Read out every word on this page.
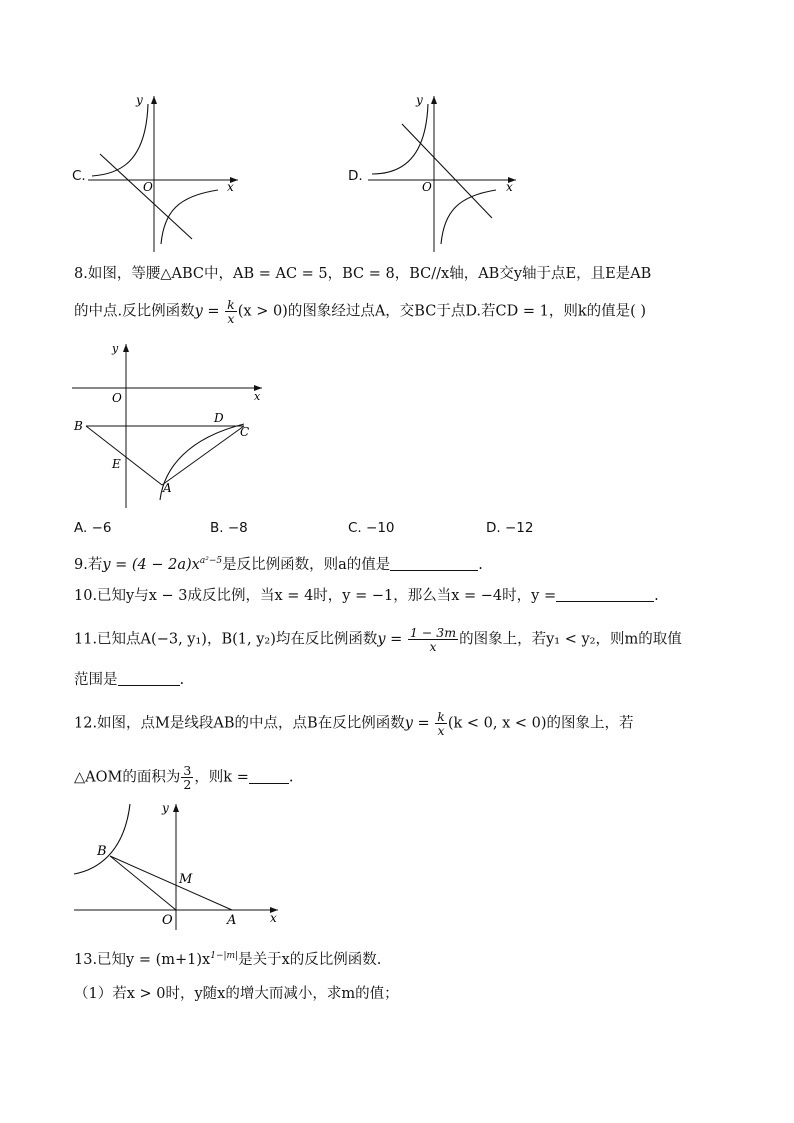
C.
y
x
O
D.
y
x
O
8.如图，等腰△ABC中，AB = AC = 5，BC = 8，BC//x轴，AB交y轴于点E，且E是AB
的中点.反比例函数$y = \frac{k}{x} (x > 0)$的图象经过点A，交BC于点D.若CD = 1，则k的值是( )
y
x
O
B
D
C
E
A
A. −6	B. −8	C. −10	D. −12
9.若$y = (4 - 2a)x^{a^2-5}$是反比例函数，则a的值是	.
10.已知y与x − 3成反比例，当x = 4时，y = −1，那么当x = −4时，y =	.
11.已知点A(−3, y₁)，B(1, y₂)均在反比例函数$y = \frac{1 - 3m}{x}$ 的图象上，若y₁ < y₂，则m的取值
范围是	.
12.如图，点M是线段AB的中点，点B在反比例函数$y = \frac{k}{x} (k < 0$, x < 0)的图象上，若
△AOM的面积为 $\frac{3}{2}$ ，则k =	.
y
x
O
B
M
A
13.已知$y = (m+1)x^{1-|m|}$是关于x的反比例函数.
（1）若x > 0时，y随x的增大而减小，求m的值；
